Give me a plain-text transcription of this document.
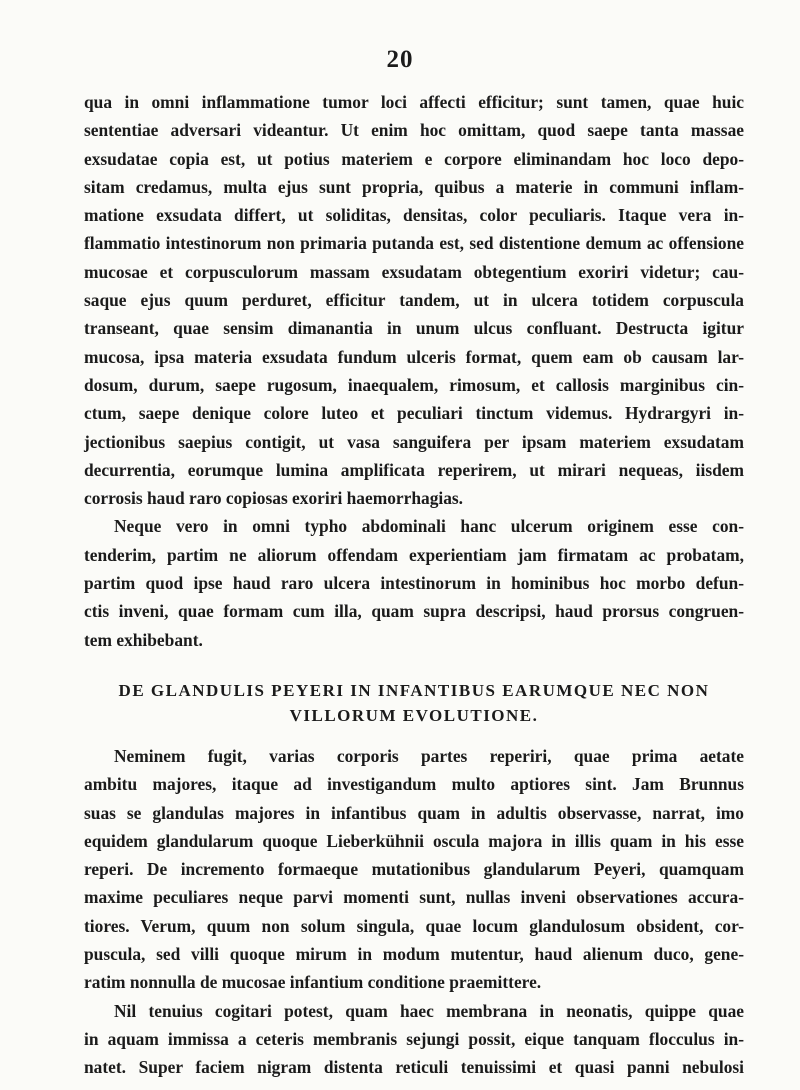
20

qua in omni inflammatione tumor loci affecti efficitur; sunt tamen, quae huic

sententiae adversari videantur. Ut enim hoc omittam, quod saepe tanta massae

exsudatae copia est, ut potius materiem e corpore eliminandam hoc loco depo-

sitam credamus, multa ejus sunt propria, quibus a materie in communi inflam-

matione exsudata differt, ut soliditas, densitas, color peculiaris. Itaque vera in-

flammatio intestinorum non primaria putanda est, sed distentione demum ac offensione

mucosae et corpusculorum massam exsudatam obtegentium exoriri videtur; cau-

saque ejus quum perduret, efficitur tandem, ut in ulcera totidem corpuscula

transeant, quae sensim dimanantia in unum ulcus confluant. Destructa igitur

mucosa, ipsa materia exsudata fundum ulceris format, quem eam ob causam lar-

dosum, durum, saepe rugosum, inaequalem, rimosum, et callosis marginibus cin-

ctum, saepe denique colore luteo et peculiari tinctum videmus. Hydrargyri in-

jectionibus saepius contigit, ut vasa sanguifera per ipsam materiem exsudatam

decurrentia, eorumque lumina amplificata reperirem, ut mirari nequeas, iisdem

corrosis haud raro copiosas exoriri haemorrhagias.

Neque vero in omni typho abdominali hanc ulcerum originem esse con-

tenderim, partim ne aliorum offendam experientiam jam firmatam ac probatam,

partim quod ipse haud raro ulcera intestinorum in hominibus hoc morbo defun-

ctis inveni, quae formam cum illa, quam supra descripsi, haud prorsus congruen-

tem exhibebant.

DE GLANDULIS PEYERI IN INFANTIBUS EARUMQUE NEC NON
VILLORUM EVOLUTIONE.

Neminem fugit, varias corporis partes reperiri, quae prima aetate

ambitu majores, itaque ad investigandum multo aptiores sint. Jam Brunnus

suas se glandulas majores in infantibus quam in adultis observasse, narrat, imo

equidem glandularum quoque Lieberkühnii oscula majora in illis quam in his esse

reperi. De incremento formaeque mutationibus glandularum Peyeri, quamquam

maxime peculiares neque parvi momenti sunt, nullas inveni observationes accura-

tiores. Verum, quum non solum singula, quae locum glandulosum obsident, cor-

puscula, sed villi quoque mirum in modum mutentur, haud alienum duco, gene-

ratim nonnulla de mucosae infantium conditione praemittere.

Nil tenuius cogitari potest, quam haec membrana in neonatis, quippe quae

in aquam immissa a ceteris membranis sejungi possit, eique tanquam flocculus in-

natet. Super faciem nigram distenta reticuli tenuissimi et quasi panni nebulosi
